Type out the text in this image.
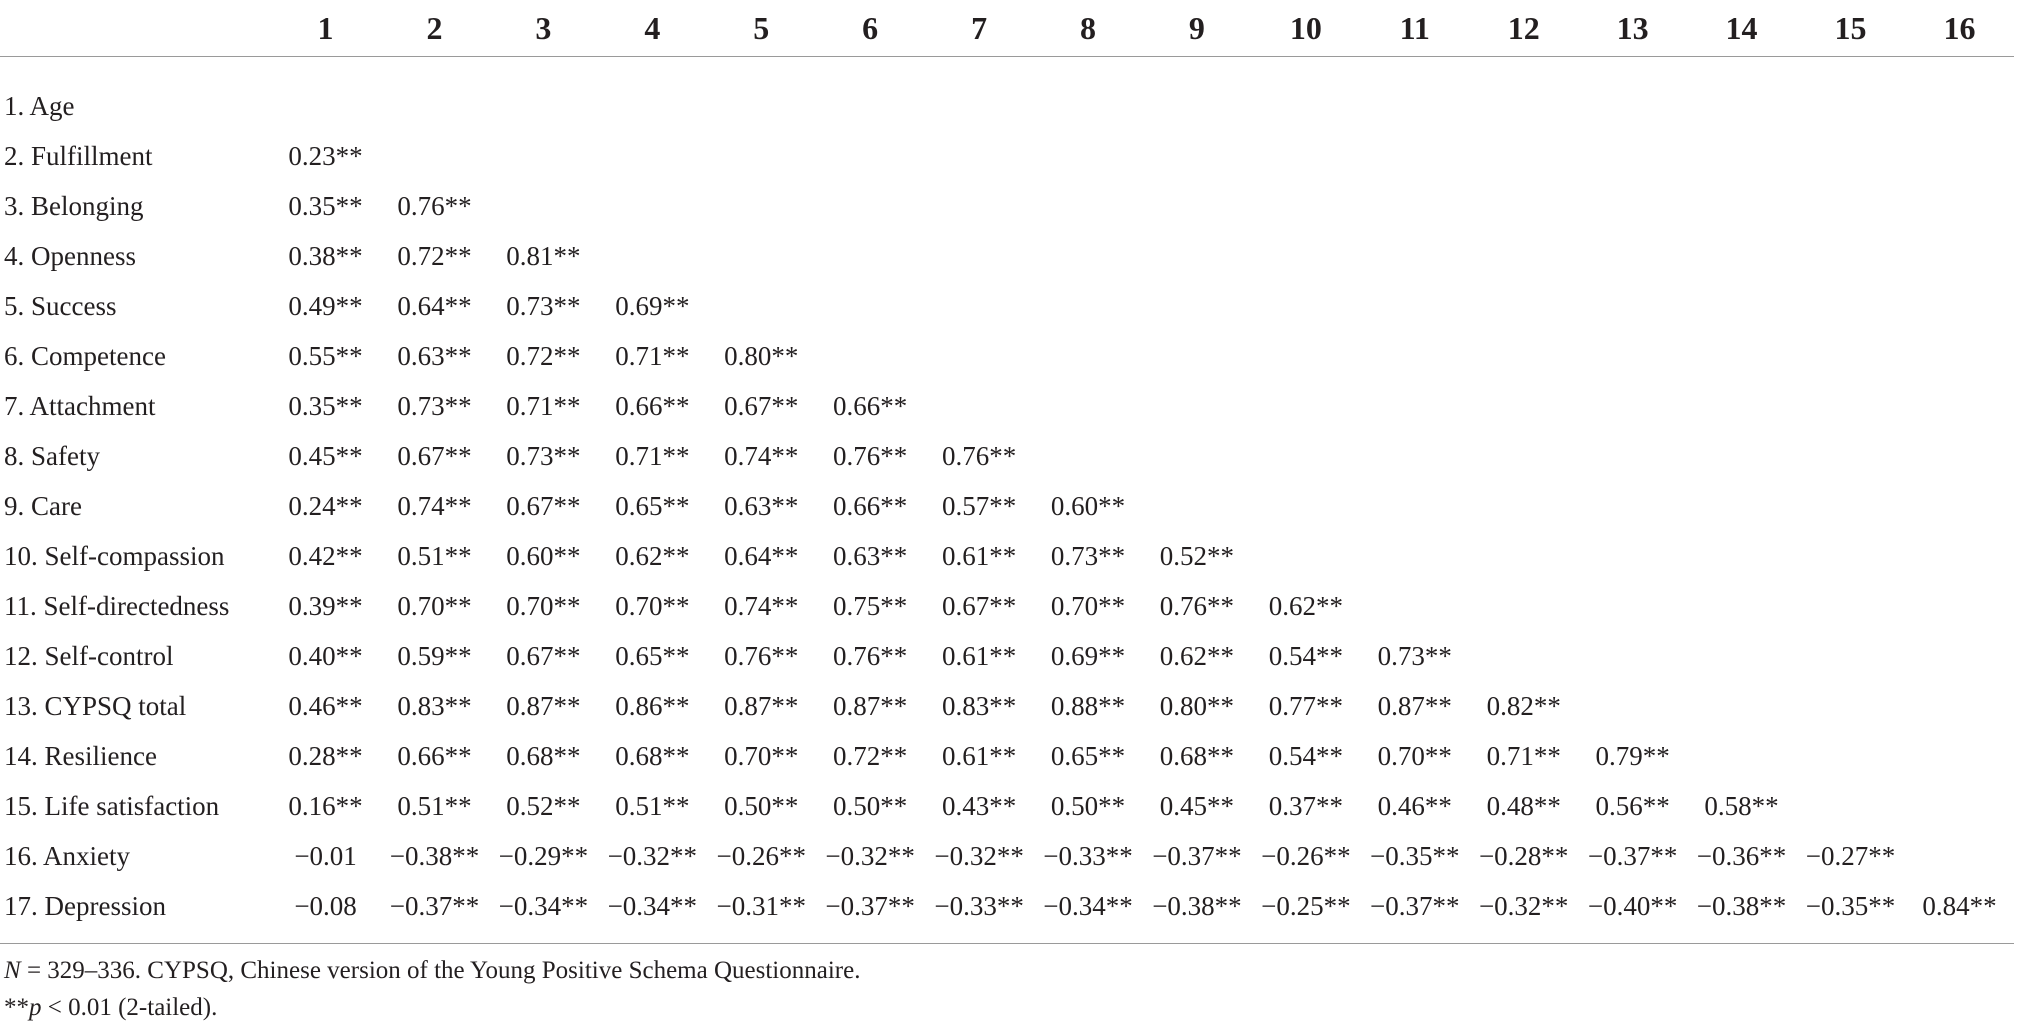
	1	2	3	4	5	6	7	8	9	10	11	12	13	14	15	16

1. Age																
2. Fulfillment	0.23**															
3. Belonging	0.35**	0.76**														
4. Openness	0.38**	0.72**	0.81**													
5. Success	0.49**	0.64**	0.73**	0.69**												
6. Competence	0.55**	0.63**	0.72**	0.71**	0.80**											
7. Attachment	0.35**	0.73**	0.71**	0.66**	0.67**	0.66**										
8. Safety	0.45**	0.67**	0.73**	0.71**	0.74**	0.76**	0.76**									
9. Care	0.24**	0.74**	0.67**	0.65**	0.63**	0.66**	0.57**	0.60**								
10. Self-compassion	0.42**	0.51**	0.60**	0.62**	0.64**	0.63**	0.61**	0.73**	0.52**							
11. Self-directedness	0.39**	0.70**	0.70**	0.70**	0.74**	0.75**	0.67**	0.70**	0.76**	0.62**						
12. Self-control	0.40**	0.59**	0.67**	0.65**	0.76**	0.76**	0.61**	0.69**	0.62**	0.54**	0.73**					
13. CYPSQ total	0.46**	0.83**	0.87**	0.86**	0.87**	0.87**	0.83**	0.88**	0.80**	0.77**	0.87**	0.82**				
14. Resilience	0.28**	0.66**	0.68**	0.68**	0.70**	0.72**	0.61**	0.65**	0.68**	0.54**	0.70**	0.71**	0.79**			
15. Life satisfaction	0.16**	0.51**	0.52**	0.51**	0.50**	0.50**	0.43**	0.50**	0.45**	0.37**	0.46**	0.48**	0.56**	0.58**		
16. Anxiety	−0.01	−0.38**	−0.29**	−0.32**	−0.26**	−0.32**	−0.32**	−0.33**	−0.37**	−0.26**	−0.35**	−0.28**	−0.37**	−0.36**	−0.27**	
17. Depression	−0.08	−0.37**	−0.34**	−0.34**	−0.31**	−0.37**	−0.33**	−0.34**	−0.38**	−0.25**	−0.37**	−0.32**	−0.40**	−0.38**	−0.35**	0.84**

N = 329–336. CYPSQ, Chinese version of the Young Positive Schema Questionnaire.
**p < 0.01 (2-tailed).
